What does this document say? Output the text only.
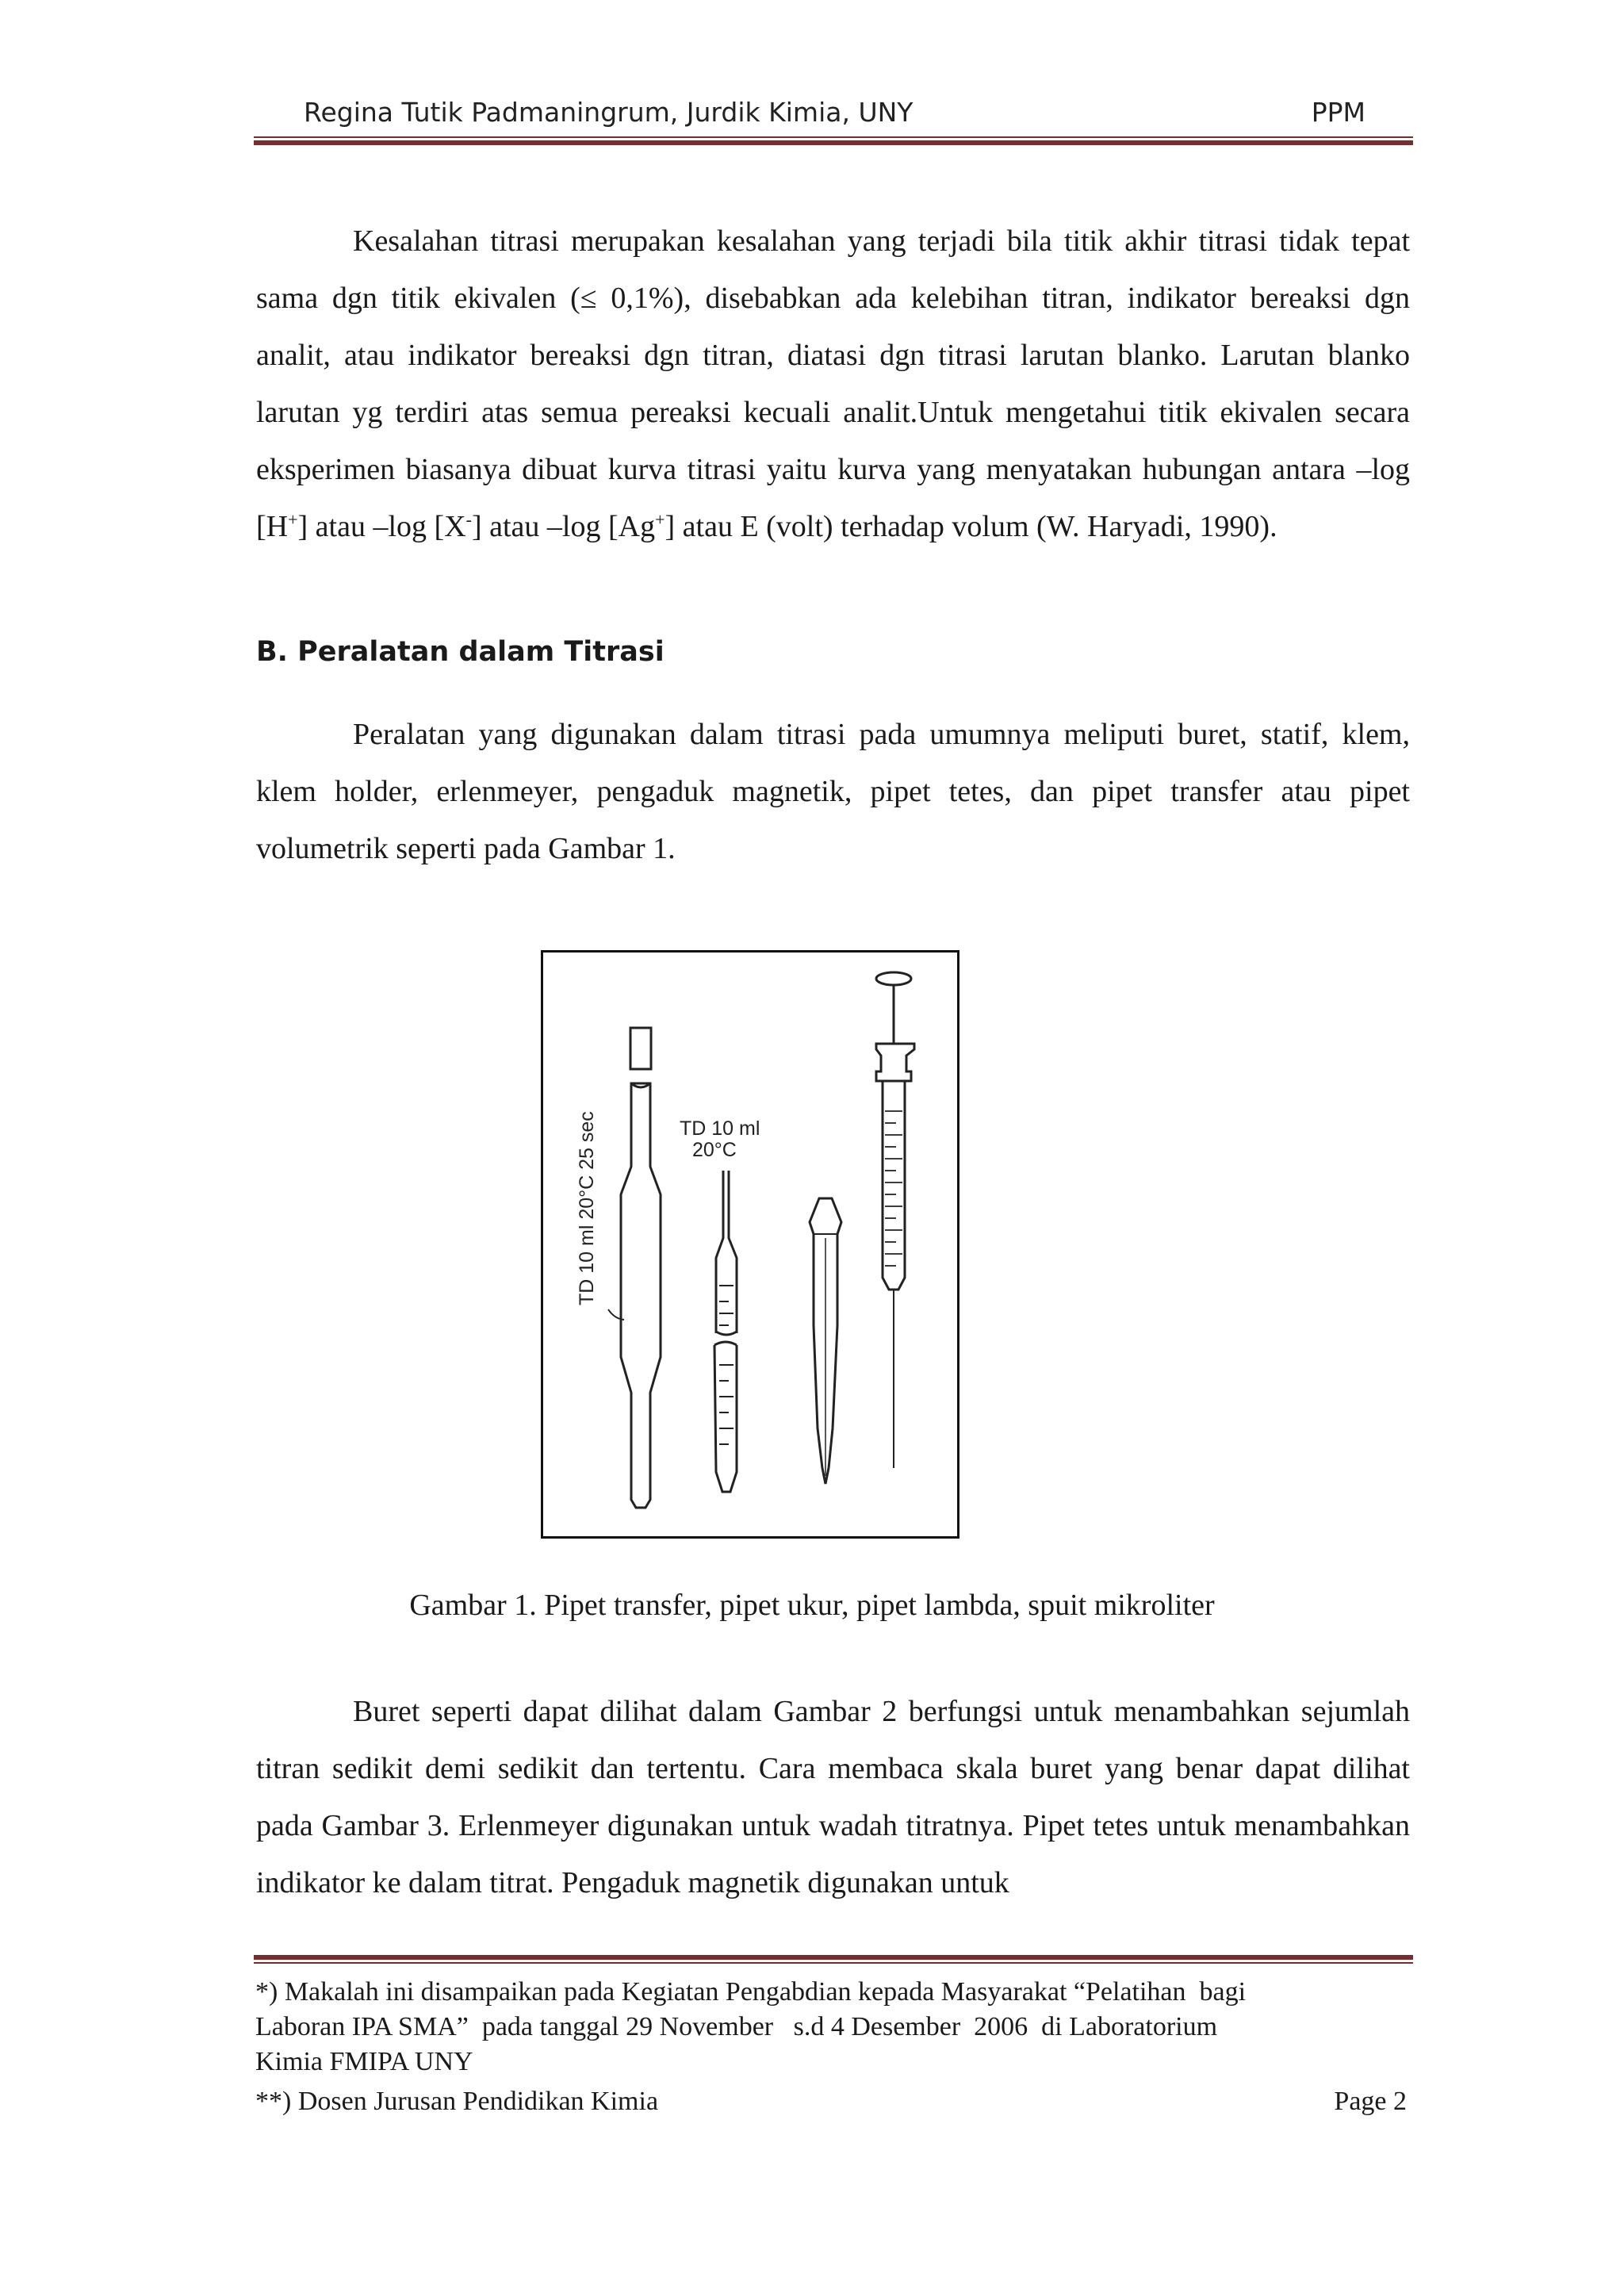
Regina Tutik Padmaningrum, Jurdik Kimia, UNY	PPM

Kesalahan titrasi merupakan kesalahan yang terjadi bila titik akhir titrasi tidak tepat sama dgn titik ekivalen (≤ 0,1%), disebabkan ada kelebihan titran, indikator bereaksi dgn analit, atau indikator bereaksi dgn titran, diatasi dgn titrasi larutan blanko. Larutan blanko larutan yg terdiri atas semua pereaksi kecuali analit.Untuk mengetahui titik ekivalen secara eksperimen biasanya dibuat kurva titrasi yaitu kurva yang menyatakan hubungan antara –log [H+] atau –log [X-] atau –log [Ag+] atau E (volt) terhadap volum (W. Haryadi, 1990).

B. Peralatan dalam Titrasi

Peralatan yang digunakan dalam titrasi pada umumnya meliputi buret, statif, klem, klem holder, erlenmeyer, pengaduk magnetik, pipet tetes, dan pipet transfer atau pipet volumetrik seperti pada Gambar 1.

TD 10 ml 20°C 25 sec	TD 10 ml
20°C
Gambar 1. Pipet transfer, pipet ukur, pipet lambda, spuit mikroliter

Buret seperti dapat dilihat dalam Gambar 2 berfungsi untuk menambahkan sejumlah titran sedikit demi sedikit dan tertentu. Cara membaca skala buret yang benar dapat dilihat pada Gambar 3. Erlenmeyer digunakan untuk wadah titratnya. Pipet tetes untuk menambahkan indikator ke dalam titrat. Pengaduk magnetik digunakan untuk

*) Makalah ini disampaikan pada Kegiatan Pengabdian kepada Masyarakat “Pelatihan  bagi

Laboran IPA SMA”  pada tanggal 29 November   s.d 4 Desember  2006  di Laboratorium

Kimia FMIPA UNY

**) Dosen Jurusan Pendidikan Kimia	Page 2
